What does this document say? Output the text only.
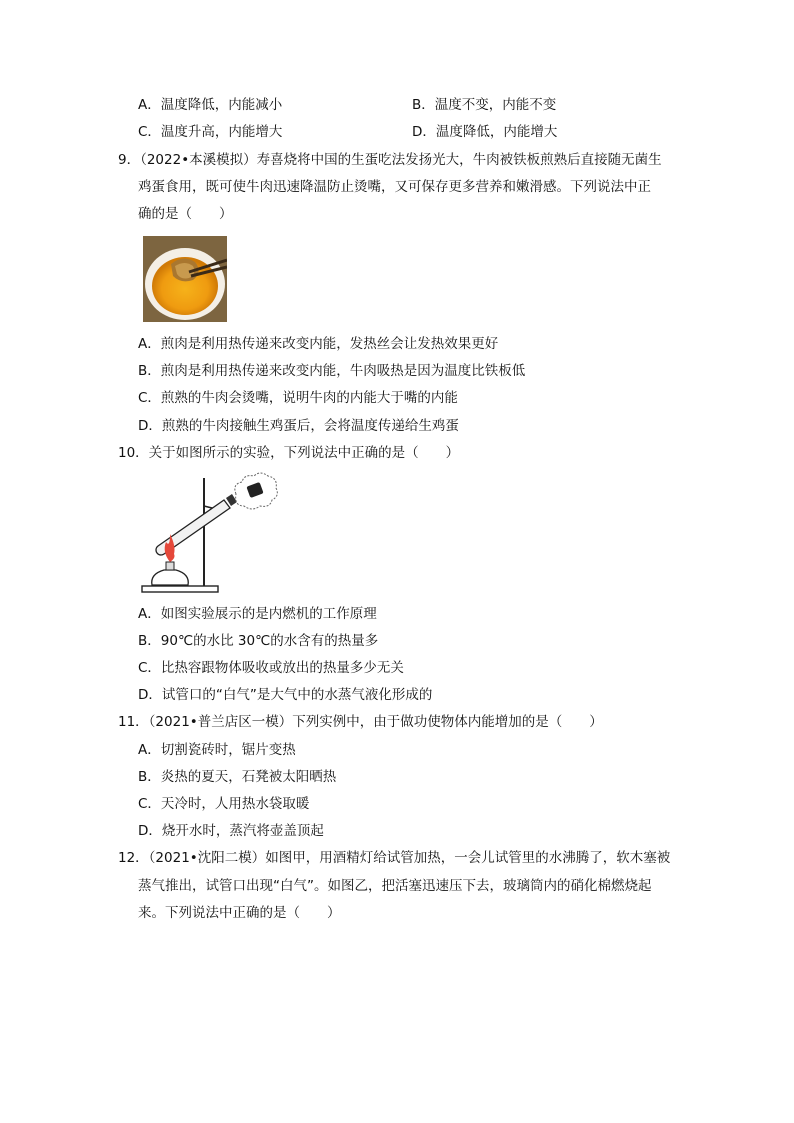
A．温度降低，内能减小	B．温度不变，内能不变
C．温度升高，内能增大	D．温度降低，内能增大
9．（2022•本溪模拟）寿喜烧将中国的生蛋吃法发扬光大，牛肉被铁板煎熟后直接随无菌生
鸡蛋食用，既可使牛肉迅速降温防止烫嘴，又可保存更多营养和嫩滑感。下列说法中正
确的是（　　）
A．煎肉是利用热传递来改变内能，发热丝会让发热效果更好
B．煎肉是利用热传递来改变内能，牛肉吸热是因为温度比铁板低
C．煎熟的牛肉会烫嘴，说明牛肉的内能大于嘴的内能
D．煎熟的牛肉接触生鸡蛋后，会将温度传递给生鸡蛋
10．关于如图所示的实验，下列说法中正确的是（　　）
A．如图实验展示的是内燃机的工作原理
B．90℃的水比 30℃的水含有的热量多
C．比热容跟物体吸收或放出的热量多少无关
D．试管口的“白气”是大气中的水蒸气液化形成的
11．（2021•普兰店区一模）下列实例中，由于做功使物体内能增加的是（　　）
A．切割瓷砖时，锯片变热
B．炎热的夏天，石凳被太阳晒热
C．天冷时，人用热水袋取暖
D．烧开水时，蒸汽将壶盖顶起
12．（2021•沈阳二模）如图甲，用酒精灯给试管加热，一会儿试管里的水沸腾了，软木塞被
蒸气推出，试管口出现“白气”。如图乙，把活塞迅速压下去，玻璃筒内的硝化棉燃烧起
来。下列说法中正确的是（　　）
